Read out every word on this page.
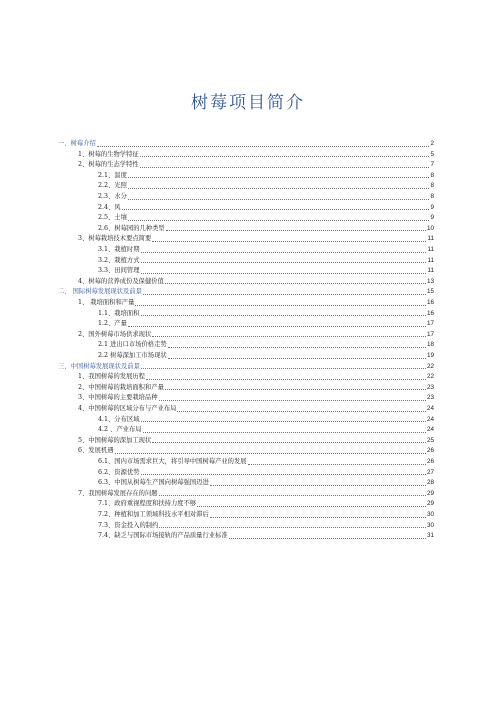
树莓项目简介
一、树莓介绍	2
1、树莓的生物学特征	5
2、树莓的生态学特性	7
2.1、温度	8
2.2、光照	8
2.3、水分	8
2.4、风	9
2.5、土壤	9
2.6、树莓园的几种类型	10
3、树莓栽培技术要点简要	11
3.1、栽植时期	11
3.2、栽植方式	11
3.3、田间管理	11
4、树莓的营养成份及保健价值	13
二、 国际树莓发展现状及前景	15
1、 栽培面积和产量	16
1.1、栽培面积	16
1.2、产量	17
2、国外树莓市场供求现状	17
2.1 进出口市场价格走势	18
2.2 树莓深加工市场现状	19
三、中国树莓发展现状及前景	22
1、我国树莓的发展历程	22
2、中国树莓的栽培面积和产量	23
3、中国树莓的主要栽培品种	23
4、中国树莓的区域分布与产业布局	24
4.1、分布区域	24
4.2 、产业布局	24
5、中国树莓的深加工现状	25
6、发展机遇	26
6.1、国内市场需求巨大，将引导中国树莓产业的发展	26
6.2、资源优势	27
6.3、中国从树莓生产国向树莓强国迈进	28
7、我国树莓发展存在的问题	29
7.1、政府重视程度和扶持力度不够	29
7.2、种植和加工领域科技水平相对滞后	30
7.3、资金投入的制约	30
7.4、缺乏与国际市场接轨的产品质量行业标准	31
